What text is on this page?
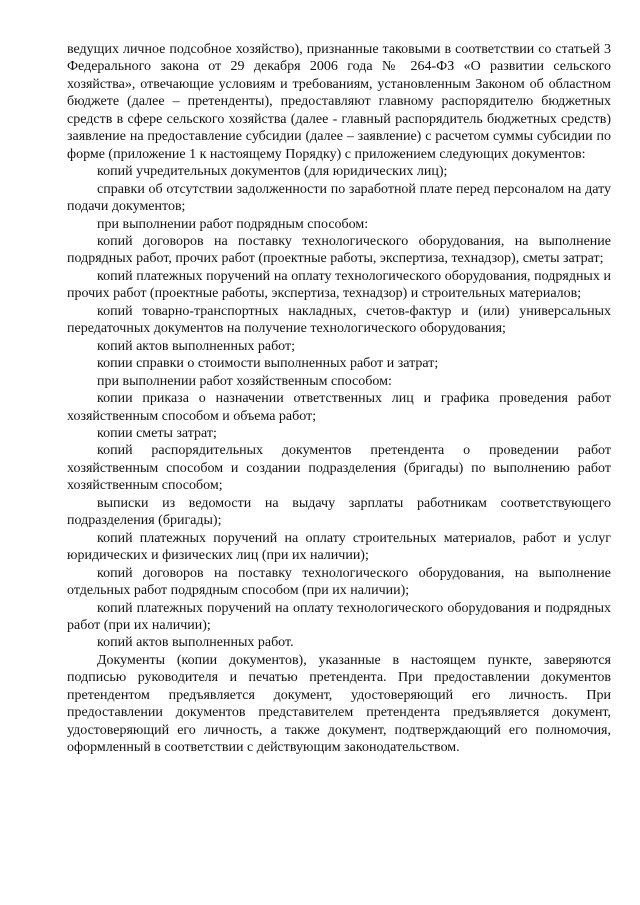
ведущих личное подсобное хозяйство), признанные таковыми в соответствии со статьей 3 Федерального закона от 29 декабря 2006 года № 264-ФЗ «О развитии сельского хозяйства», отвечающие условиям и требованиям, установленным Законом об областном бюджете (далее – претенденты), предоставляют главному распорядителю бюджетных средств в сфере сельского хозяйства (далее - главный распорядитель бюджетных средств) заявление на предоставление субсидии (далее – заявление) с расчетом суммы субсидии по форме (приложение 1 к настоящему Порядку) с приложением следующих документов:

копий учредительных документов (для юридических лиц);

справки об отсутствии задолженности по заработной плате перед персоналом на дату подачи документов;

при выполнении работ подрядным способом:

копий договоров на поставку технологического оборудования, на выполнение подрядных работ, прочих работ (проектные работы, экспертиза, технадзор), сметы затрат;

копий платежных поручений на оплату технологического оборудования, подрядных и прочих работ (проектные работы, экспертиза, технадзор) и строительных материалов;

копий товарно-транспортных накладных, счетов-фактур и (или) универсальных передаточных документов на получение технологического оборудования;

копий актов выполненных работ;

копии справки о стоимости выполненных работ и затрат;

при выполнении работ хозяйственным способом:

копии приказа о назначении ответственных лиц и графика проведения работ хозяйственным способом и объема работ;

копии сметы затрат;

копий распорядительных документов претендента о проведении работ хозяйственным способом и создании подразделения (бригады) по выполнению работ хозяйственным способом;

выписки из ведомости на выдачу зарплаты работникам соответствующего подразделения (бригады);

копий платежных поручений на оплату строительных материалов, работ и услуг юридических и физических лиц (при их наличии);

копий договоров на поставку технологического оборудования, на выполнение отдельных работ подрядным способом (при их наличии);

копий платежных поручений на оплату технологического оборудования и подрядных работ (при их наличии);

копий актов выполненных работ.

Документы (копии документов), указанные в настоящем пункте, заверяются подписью руководителя и печатью претендента. При предоставлении документов претендентом предъявляется документ, удостоверяющий его личность. При предоставлении документов представителем претендента предъявляется документ, удостоверяющий его личность, а также документ, подтверждающий его полномочия, оформленный в соответствии с действующим законодательством.
